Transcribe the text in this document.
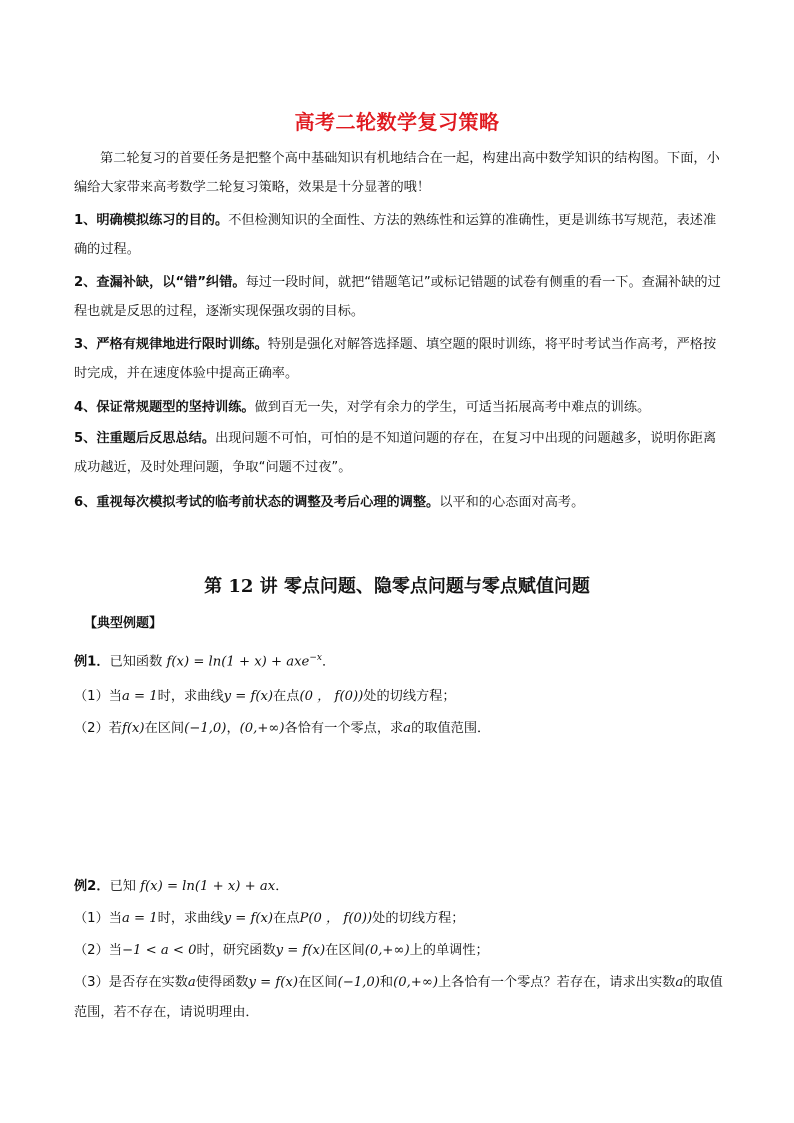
高考二轮数学复习策略
第二轮复习的首要任务是把整个高中基础知识有机地结合在一起，构建出高中数学知识的结构图。下面，小编给大家带来高考数学二轮复习策略，效果是十分显著的哦！
1、明确模拟练习的目的。不但检测知识的全面性、方法的熟练性和运算的准确性，更是训练书写规范，表述准确的过程。
2、查漏补缺，以“错”纠错。每过一段时间，就把“错题笔记”或标记错题的试卷有侧重的看一下。查漏补缺的过程也就是反思的过程，逐渐实现保强攻弱的目标。
3、严格有规律地进行限时训练。特别是强化对解答选择题、填空题的限时训练，将平时考试当作高考，严格按时完成，并在速度体验中提高正确率。
4、保证常规题型的坚持训练。做到百无一失，对学有余力的学生，可适当拓展高考中难点的训练。
5、注重题后反思总结。出现问题不可怕，可怕的是不知道问题的存在，在复习中出现的问题越多，说明你距离成功越近，及时处理问题，争取“问题不过夜”。
6、重视每次模拟考试的临考前状态的调整及考后心理的调整。以平和的心态面对高考。
第 12 讲 零点问题、隐零点问题与零点赋值问题
【典型例题】
例1．已知函数 f(x) = ln(1 + x) + axe$^{-x}$．
（1）当a = 1时，求曲线y = f(x)在点(0 ， f(0))处的切线方程；
（2）若f(x)在区间(−1,0)，(0,+∞)各恰有一个零点，求a的取值范围．
例2．已知 f(x) = ln(1 + x) + ax．
（1）当a = 1时，求曲线y = f(x)在点P(0 ， f(0))处的切线方程；
（2）当−1 < a < 0时，研究函数y = f(x)在区间(0,+∞)上的单调性；
（3）是否存在实数a使得函数y = f(x)在区间(−1,0)和(0,+∞)上各恰有一个零点？若存在，请求出实数a的取值范围，若不存在，请说明理由．
